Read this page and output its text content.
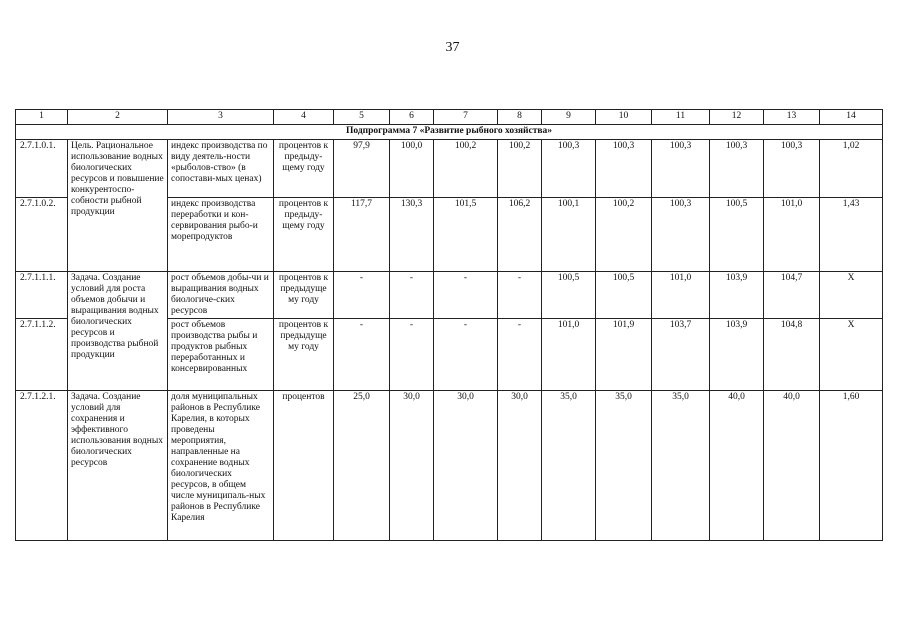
37
1	2	3	4	5	6	7	8	9	10	11	12	13	14
Подпрограмма 7 «Развитие рыбного хозяйства»													
2.7.1.0.1.	Цель. Рациональное использование водных биологических ресурсов и повышение конкурентоспо-собности рыбной продукции	индекс производства по виду деятель-ности «рыболов-ство» (в сопостави-мых ценах)	процентов к предыду-щему году	97,9	100,0	100,2	100,2	100,3	100,3	100,3	100,3	100,3	1,02
2.7.1.0.2.		индекс производства переработки и кон-сервирования рыбо-и морепродуктов	процентов к предыду-щему году	117,7	130,3	101,5	106,2	100,1	100,2	100,3	100,5	101,0	1,43
2.7.1.1.1.	Задача. Создание условий для роста объемов добычи и выращивания водных биологических ресурсов и производства рыбной продукции	рост объемов добы-чи и выращивания водных биологиче-ских ресурсов	процентов к предыдуще му году	-	-	-	-	100,5	100,5	101,0	103,9	104,7	X
2.7.1.1.2.		рост объемов производства рыбы и продуктов рыбных переработанных и консервированных	процентов к предыдуще му году	-	-	-	-	101,0	101,9	103,7	103,9	104,8	X
2.7.1.2.1.	Задача. Создание условий для сохранения и эффективного использования водных биологических ресурсов	доля муниципальных районов в Республике Карелия, в которых проведены мероприятия, направленные на сохранение водных биологических ресурсов, в общем числе муниципаль-ных районов в Республике Карелия	процентов	25,0	30,0	30,0	30,0	35,0	35,0	35,0	40,0	40,0	1,60
